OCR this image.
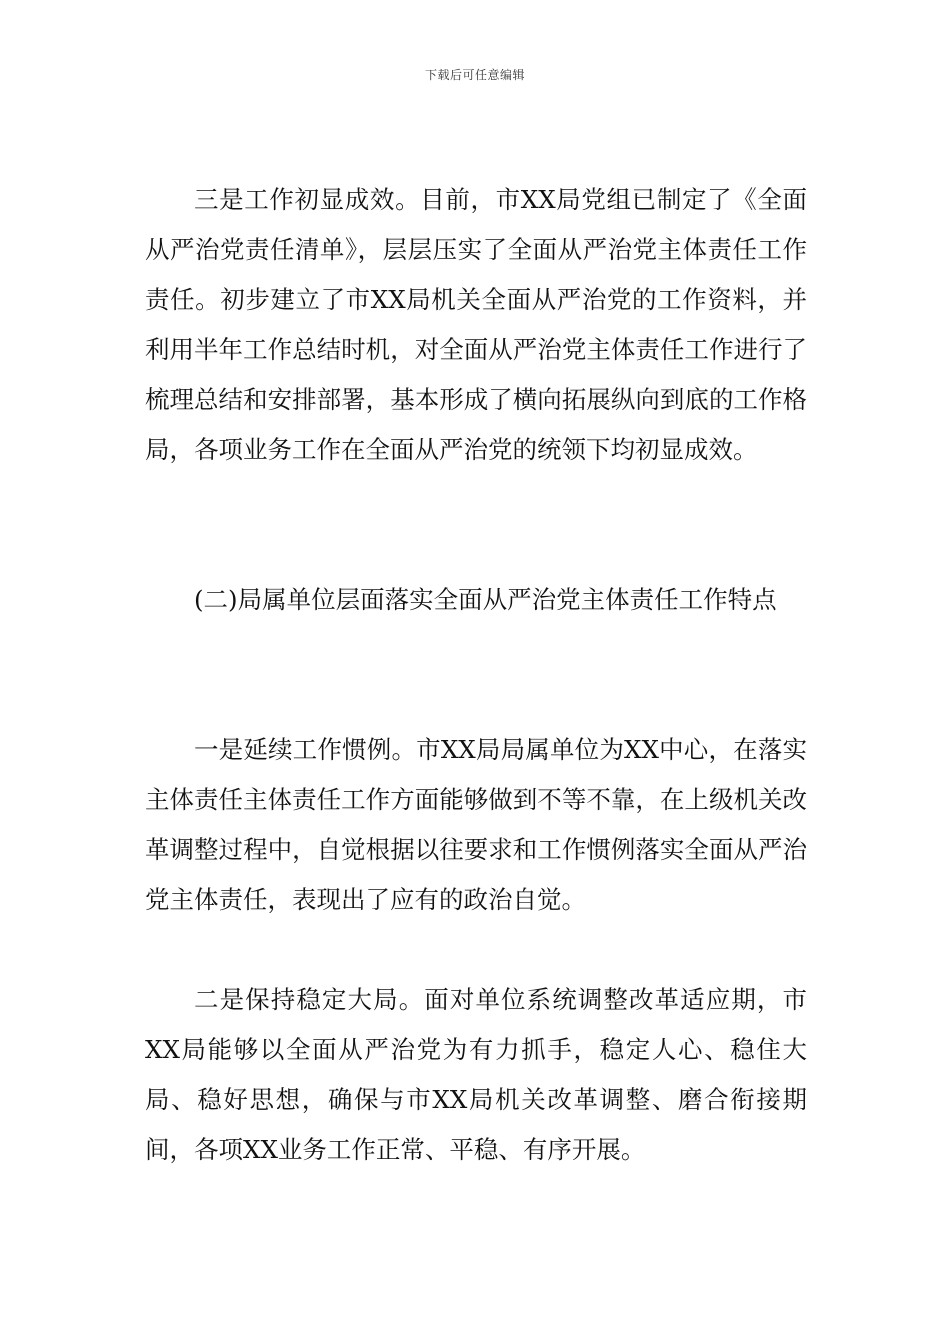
下载后可任意编辑

三是工作初显成效。目前，市XX局党组已制定了《全面从严治党责任清单》，层层压实了全面从严治党主体责任工作责任。初步建立了市XX局机关全面从严治党的工作资料，并利用半年工作总结时机，对全面从严治党主体责任工作进行了梳理总结和安排部署，基本形成了横向拓展纵向到底的工作格局，各项业务工作在全面从严治党的统领下均初显成效。

(二)局属单位层面落实全面从严治党主体责任工作特点

一是延续工作惯例。市XX局局属单位为XX中心，在落实主体责任主体责任工作方面能够做到不等不靠，在上级机关改革调整过程中，自觉根据以往要求和工作惯例落实全面从严治党主体责任，表现出了应有的政治自觉。

二是保持稳定大局。面对单位系统调整改革适应期，市XX局能够以全面从严治党为有力抓手，稳定人心、稳住大局、稳好思想，确保与市XX局机关改革调整、磨合衔接期间，各项XX业务工作正常、平稳、有序开展。
